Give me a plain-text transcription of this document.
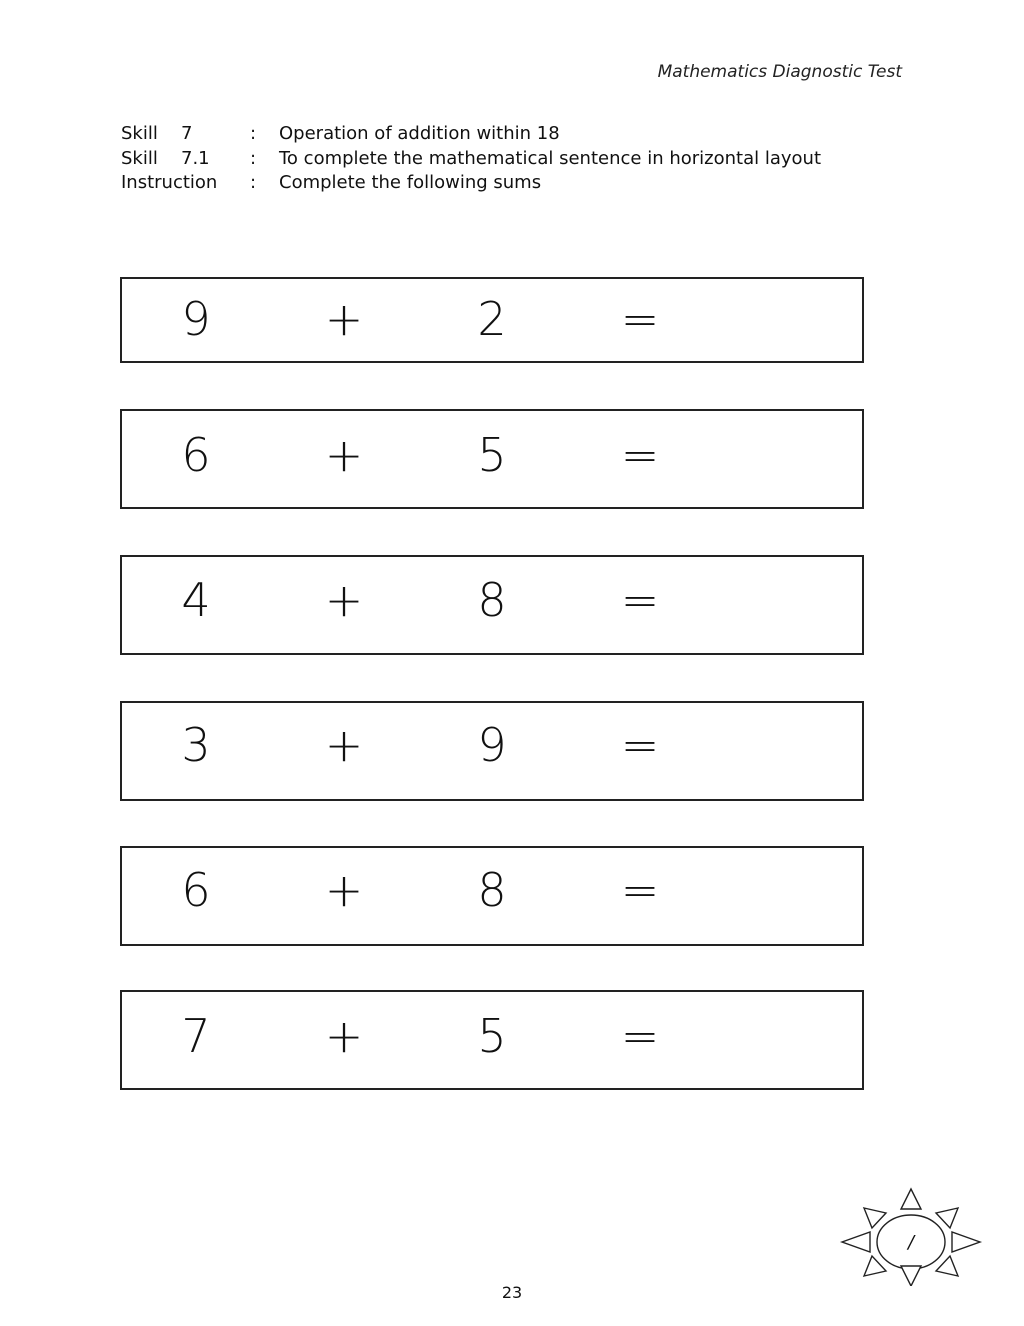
Mathematics Diagnostic Test
Skill 7	: Operation of addition within 18
Skill 7.1 : To complete the mathematical sentence in horizontal layout
Instruction : Complete the following sums
9 + 2 =
6 + 5 =
4 + 8 =
3 + 9 =
6 + 8 =
7 + 5 =
/
23
